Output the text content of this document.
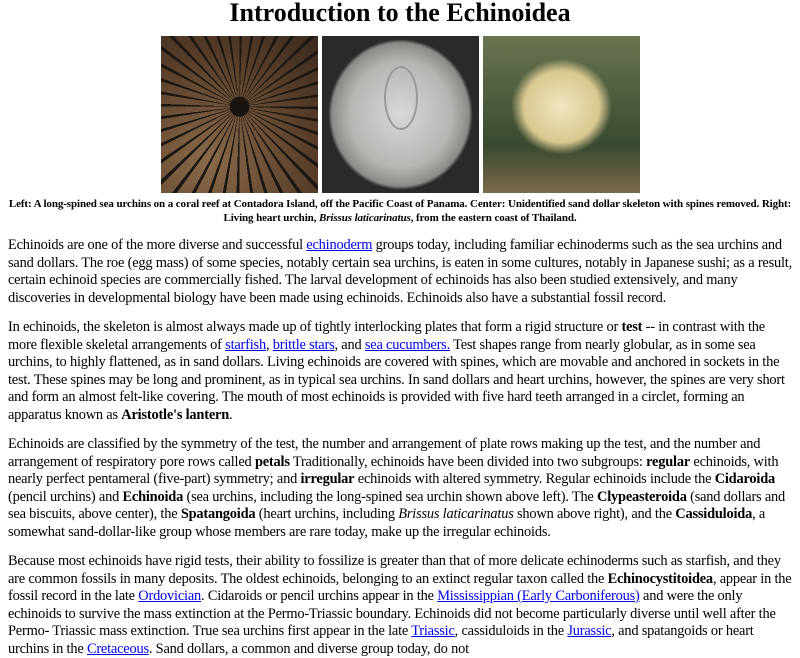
Introduction to the Echinoidea
Left: A long-spined sea urchins on a coral reef at Contadora Island, off the Pacific Coast of Panama. Center: Unidentified sand dollar skeleton with spines removed. Right: Living heart urchin, Brissus laticarinatus, from the eastern coast of Thailand.

Echinoids are one of the more diverse and successful echinoderm groups today, including familiar echinoderms such as the sea urchins and sand dollars. The roe (egg mass) of some species, notably certain sea urchins, is eaten in some cultures, notably in Japanese sushi; as a result, certain echinoid species are commercially fished. The larval development of echinoids has also been studied extensively, and many discoveries in developmental biology have been made using echinoids. Echinoids also have a substantial fossil record.

In echinoids, the skeleton is almost always made up of tightly interlocking plates that form a rigid structure or test -- in contrast with the more flexible skeletal arrangements of starfish, brittle stars, and sea cucumbers. Test shapes range from nearly globular, as in some sea urchins, to highly flattened, as in sand dollars. Living echinoids are covered with spines, which are movable and anchored in sockets in the test. These spines may be long and prominent, as in typical sea urchins. In sand dollars and heart urchins, however, the spines are very short and form an almost felt-like covering. The mouth of most echinoids is provided with five hard teeth arranged in a circlet, forming an apparatus known as Aristotle's lantern.

Echinoids are classified by the symmetry of the test, the number and arrangement of plate rows making up the test, and the number and arrangement of respiratory pore rows called petals Traditionally, echinoids have been divided into two subgroups: regular echinoids, with nearly perfect pentameral (five-part) symmetry; and irregular echinoids with altered symmetry. Regular echinoids include the Cidaroida (pencil urchins) and Echinoida (sea urchins, including the long-spined sea urchin shown above left). The Clypeasteroida (sand dollars and sea biscuits, above center), the Spatangoida (heart urchins, including Brissus laticarinatus shown above right), and the Cassiduloida, a somewhat sand-dollar-like group whose members are rare today, make up the irregular echinoids.

Because most echinoids have rigid tests, their ability to fossilize is greater than that of more delicate echinoderms such as starfish, and they are common fossils in many deposits. The oldest echinoids, belonging to an extinct regular taxon called the Echinocystitoidea, appear in the fossil record in the late Ordovician. Cidaroids or pencil urchins appear in the Mississippian (Early Carboniferous) and were the only echinoids to survive the mass extinction at the Permo-Triassic boundary. Echinoids did not become particularly diverse until well after the Permo- Triassic mass extinction. True sea urchins first appear in the late Triassic, cassiduloids in the Jurassic, and spatangoids or heart urchins in the Cretaceous. Sand dollars, a common and diverse group today, do not
